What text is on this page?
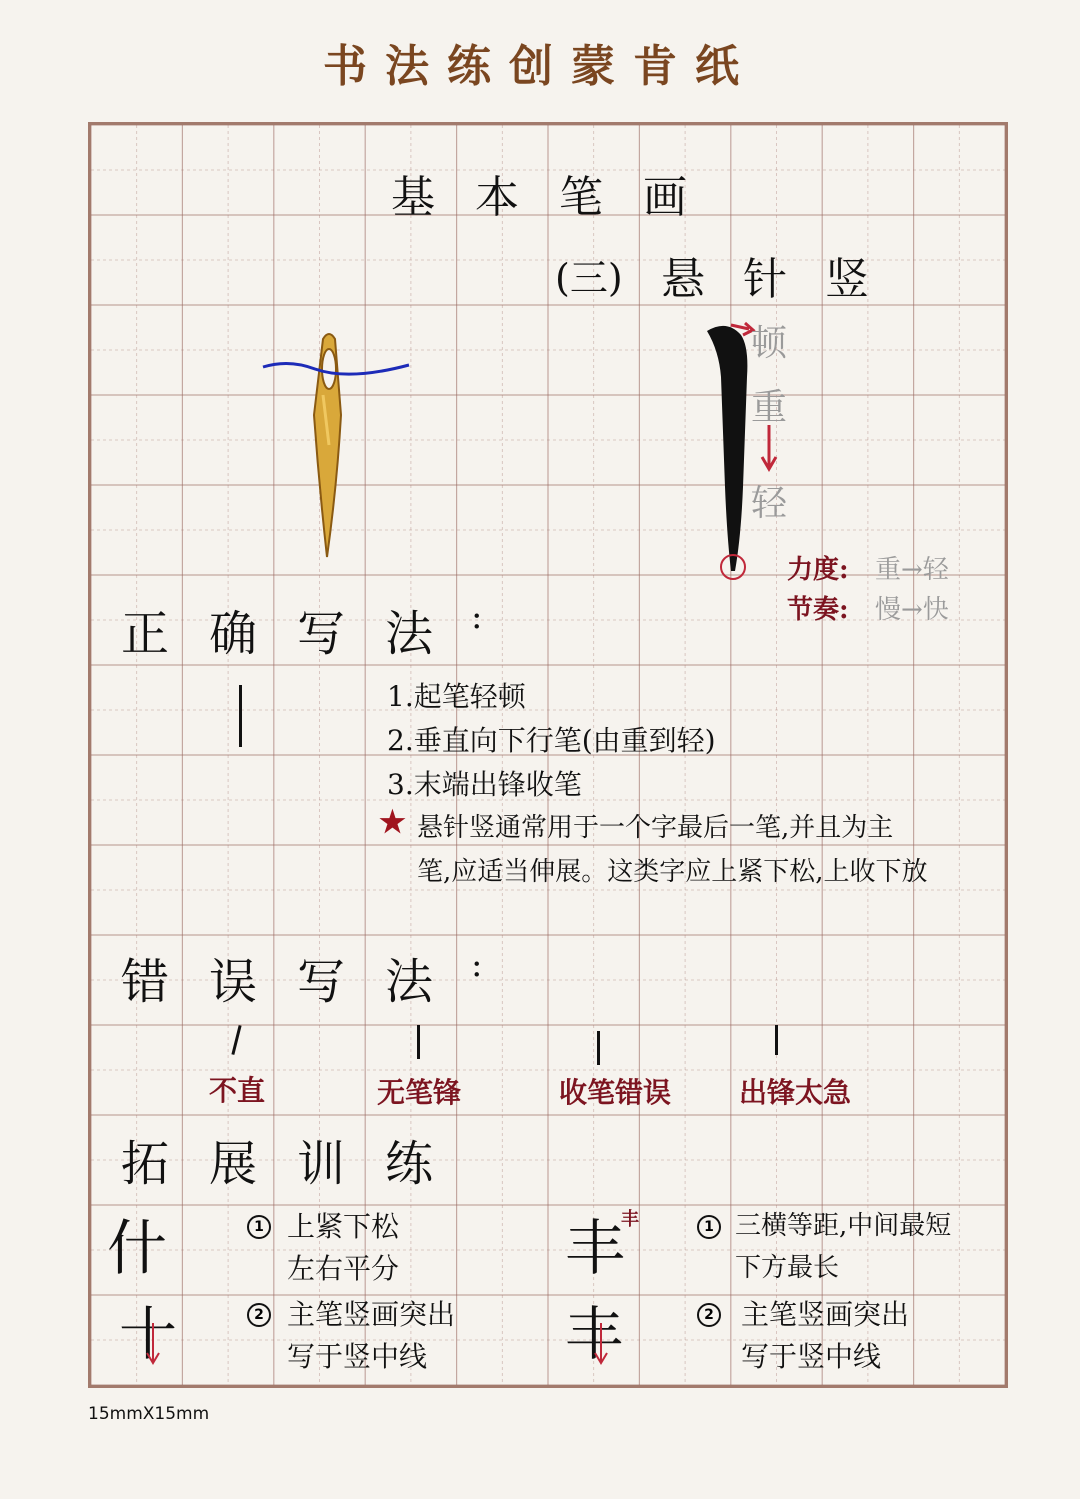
书法练创蒙肯纸
基本笔画
(三) 悬针竖
顿
重
轻
力度: 重→轻
节奏: 慢→快
正确写法
:
1.起笔轻顿
2.垂直向下行笔(由重到轻)
3.末端出锋收笔
★ 悬针竖通常用于一个字最后一笔,并且为主
笔,应适当伸展。这类字应上紧下松,上收下放
错误写法
:
不直	无笔锋	收笔错误 出锋太急
拓展训练
什
十
1 上紧下松
左右平分
2 主笔竖画突出
写于竖中线
丰
丰
丰
1 三横等距,中间最短
下方最长
2 主笔竖画突出
写于竖中线
15mmX15mm
